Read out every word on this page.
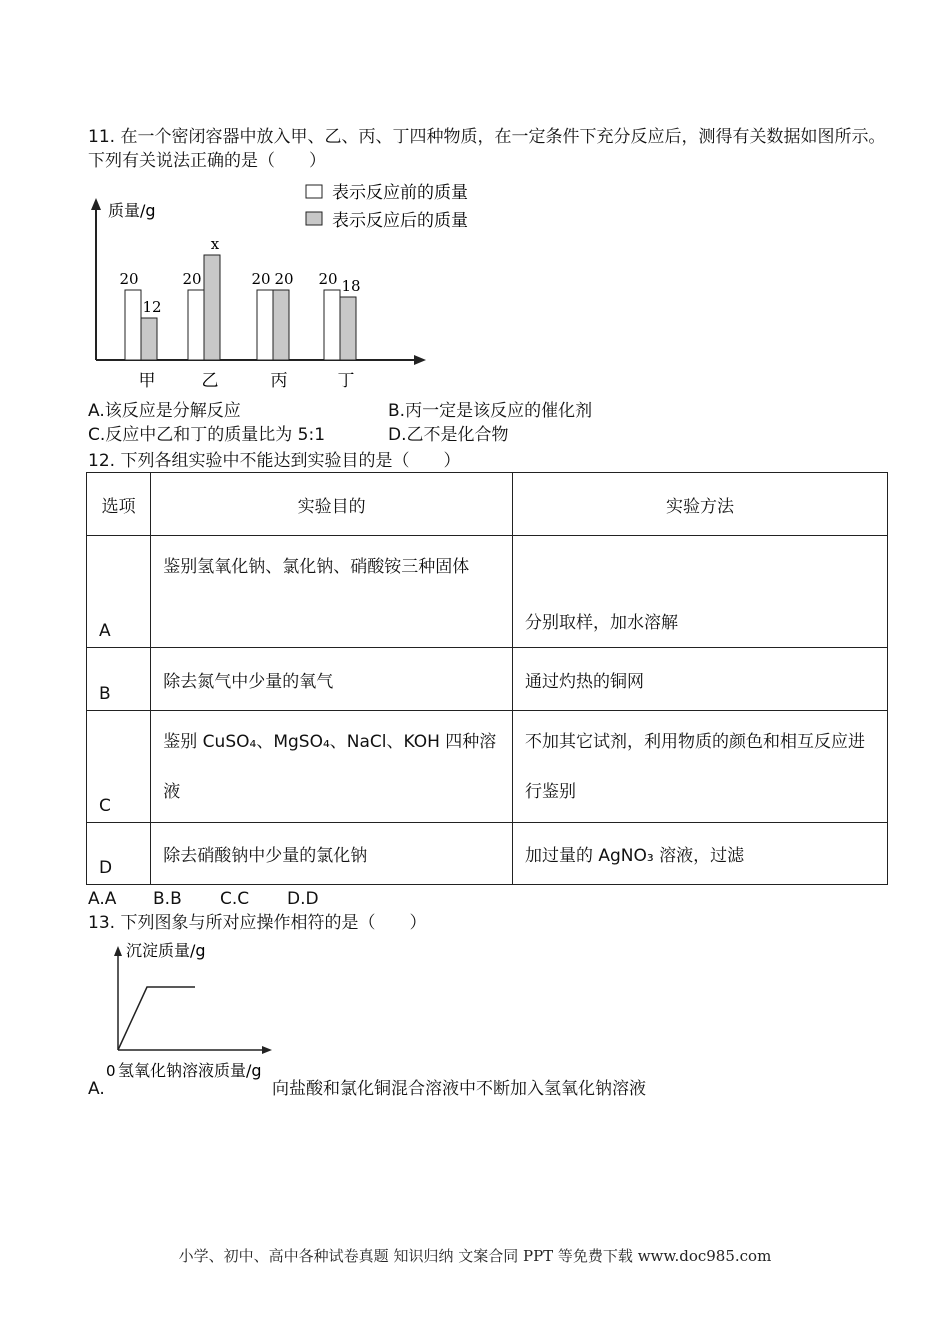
11. 在一个密闭容器中放入甲、乙、丙、丁四种物质，在一定条件下充分反应后，测得有关数据如图所示。
下列有关说法正确的是（　　）
质量/g
表示反应前的质量
表示反应后的质量
20
12
甲
20
x
乙
20 20
丙
20 18
丁
A.该反应是分解反应	B.丙一定是该反应的催化剂
C.反应中乙和丁的质量比为 5:1	D.乙不是化合物
12. 下列各组实验中不能达到实验目的是（　　）
选项	实验目的	实验方法
A	鉴别氢氧化钠、氯化钠、硝酸铵三种固体	分别取样，加水溶解
B	除去氮气中少量的氧气	通过灼热的铜网
C	鉴别 CuSO₄、MgSO₄、NaCl、KOH 四种溶液	不加其它试剂，利用物质的颜色和相互反应进行鉴别

D	除去硝酸钠中少量的氯化钠	加过量的 AgNO₃ 溶液，过滤
A.A B.B C.C D.D
13. 下列图象与所对应操作相符的是（　　）
沉淀质量/g
0 氢氧化钠溶液质量/g
A.	向盐酸和氯化铜混合溶液中不断加入氢氧化钠溶液
小学、初中、高中各种试卷真题 知识归纳 文案合同 PPT 等免费下载 www.doc985.com
